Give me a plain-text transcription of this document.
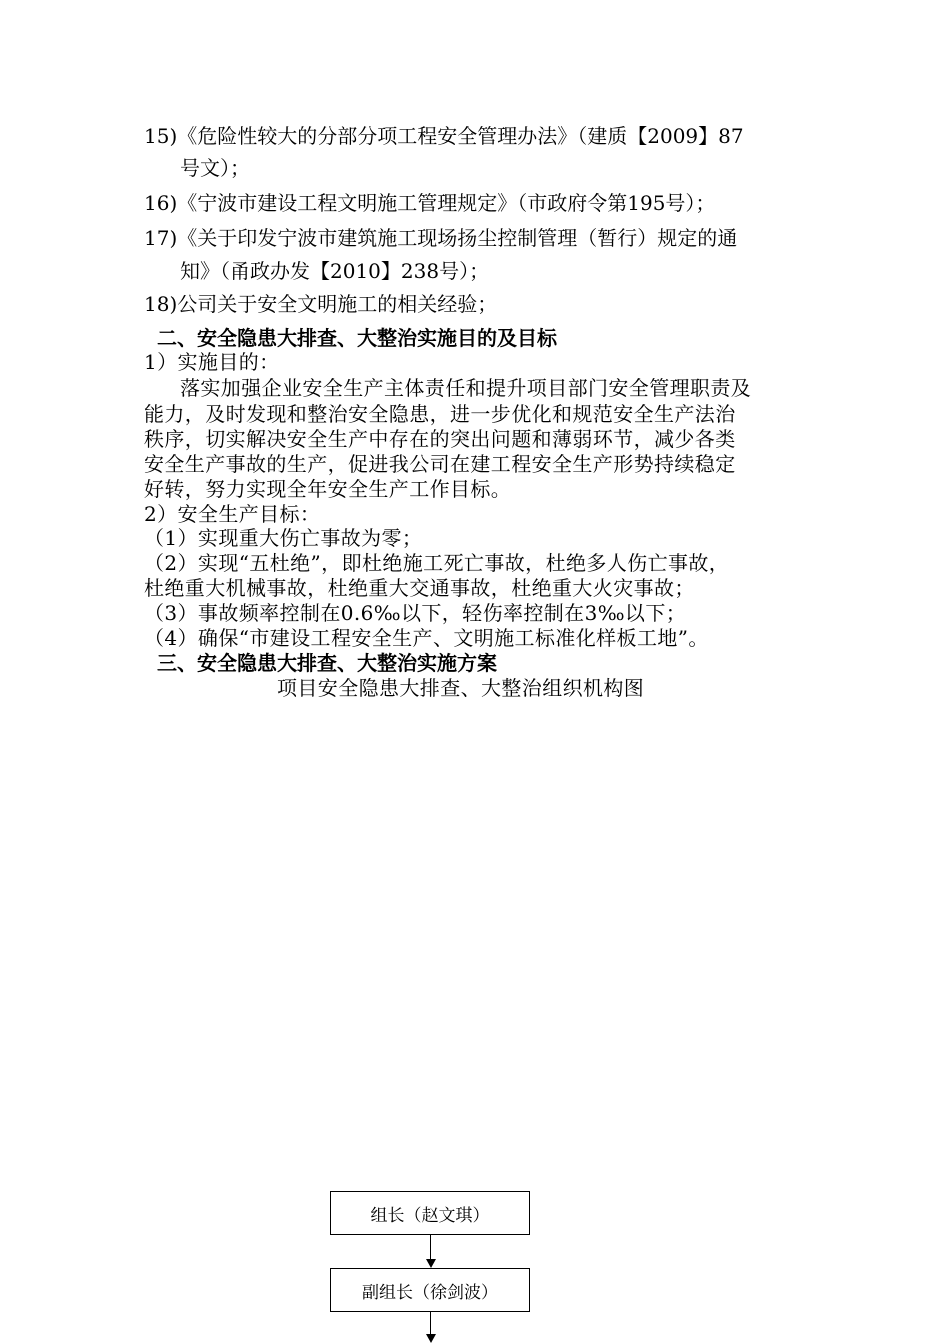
15)《危险性较大的分部分项工程安全管理办法》（建质【2009】87
号文）；
16)《宁波市建设工程文明施工管理规定》（市政府令第195号）；
17)《关于印发宁波市建筑施工现场扬尘控制管理（暂行）规定的通
知》（甬政办发【2010】238号）；
18)公司关于安全文明施工的相关经验；
二、安全隐患大排查、大整治实施目的及目标
1）实施目的：
落实加强企业安全生产主体责任和提升项目部门安全管理职责及
能力，及时发现和整治安全隐患，进一步优化和规范安全生产法治
秩序，切实解决安全生产中存在的突出问题和薄弱环节，减少各类
安全生产事故的生产，促进我公司在建工程安全生产形势持续稳定
好转，努力实现全年安全生产工作目标。
2）安全生产目标：
（1）实现重大伤亡事故为零；
（2）实现“五杜绝”，即杜绝施工死亡事故，杜绝多人伤亡事故，
杜绝重大机械事故，杜绝重大交通事故，杜绝重大火灾事故；
（3）事故频率控制在0.6‰以下，轻伤率控制在3‰以下；
（4）确保“市建设工程安全生产、文明施工标准化样板工地”。
三、安全隐患大排查、大整治实施方案
项目安全隐患大排查、大整治组织机构图
组长（赵文琪）
副组长（徐剑波）
